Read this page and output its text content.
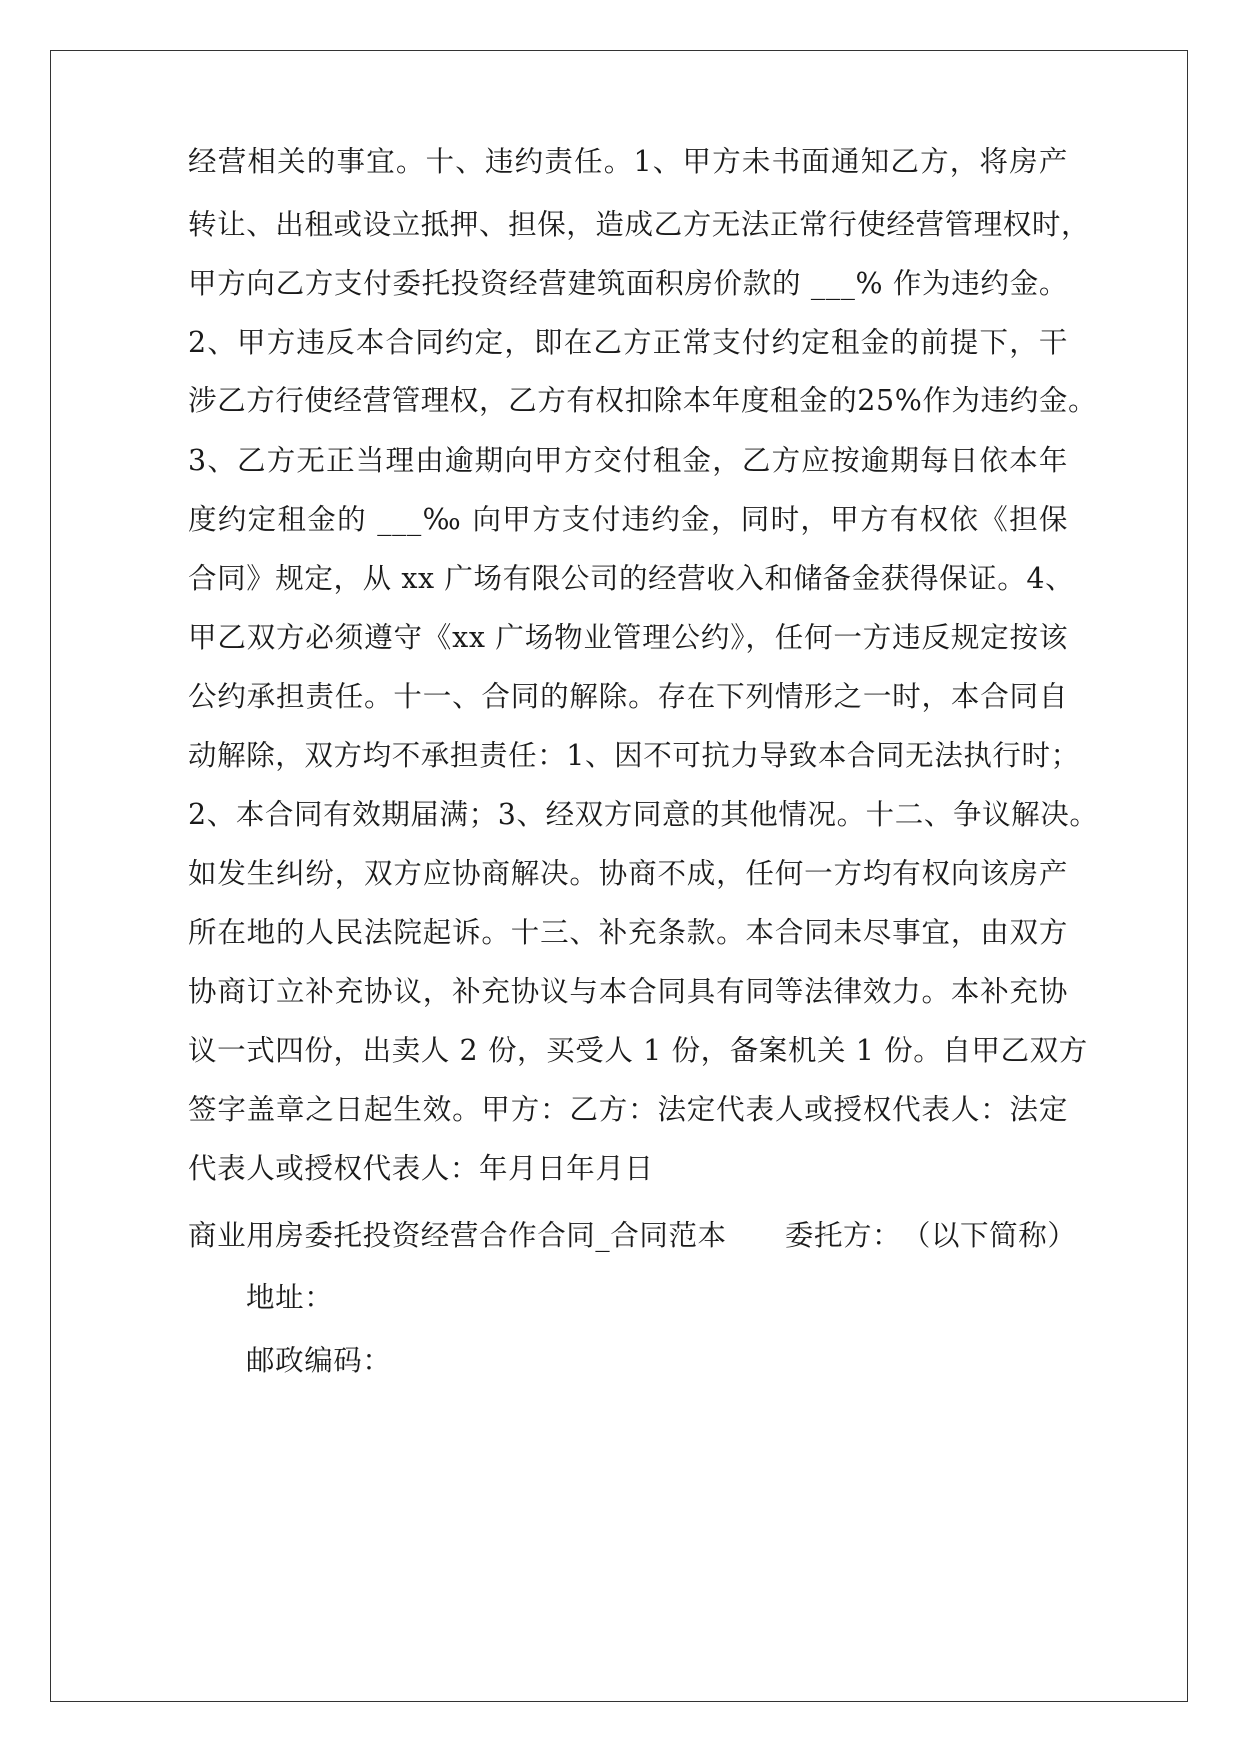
经营相关的事宜。十、违约责任。1、甲方未书面通知乙方，将房产
转让、出租或设立抵押、担保，造成乙方无法正常行使经营管理权时，
甲方向乙方支付委托投资经营建筑面积房价款的 ___% 作为违约金。
2、甲方违反本合同约定，即在乙方正常支付约定租金的前提下，干
涉乙方行使经营管理权，乙方有权扣除本年度租金的25%作为违约金。
3、乙方无正当理由逾期向甲方交付租金，乙方应按逾期每日依本年
度约定租金的 ___‰ 向甲方支付违约金，同时，甲方有权依《担保
合同》规定，从 xx 广场有限公司的经营收入和储备金获得保证。4、
甲乙双方必须遵守《xx 广场物业管理公约》，任何一方违反规定按该
公约承担责任。十一、合同的解除。存在下列情形之一时，本合同自
动解除，双方均不承担责任：1、因不可抗力导致本合同无法执行时；
2、本合同有效期届满；3、经双方同意的其他情况。十二、争议解决。
如发生纠纷，双方应协商解决。协商不成，任何一方均有权向该房产
所在地的人民法院起诉。十三、补充条款。本合同未尽事宜，由双方
协商订立补充协议，补充协议与本合同具有同等法律效力。本补充协
议一式四份，出卖人 2 份，买受人 1 份，备案机关 1 份。自甲乙双方
签字盖章之日起生效。甲方：乙方：法定代表人或授权代表人：法定
代表人或授权代表人：年月日年月日
商业用房委托投资经营合作合同_合同范本　　委托方：　（以下简称）
地址：
邮政编码：
